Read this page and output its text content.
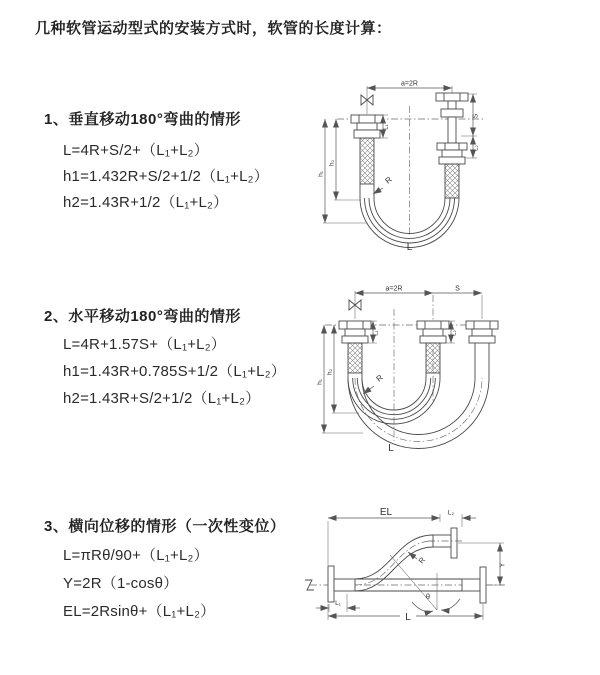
几种软管运动型式的安装方式时，软管的长度计算：
1、垂直移动180°弯曲的情形
L=4R+S/2+（L₁+L₂）
h1=1.432R+S/2+1/2（L₁+L₂）
h2=1.43R+1/2（L₁+L₂）
2、水平移动180°弯曲的情形
L=4R+1.57S+（L₁+L₂）
h1=1.43R+0.785S+1/2（L₁+L₂）
h2=1.43R+S/2+1/2（L₁+L₂）
3、横向位移的情形（一次性变位）
L=πRθ/90+（L₁+L₂）
Y=2R（1-cosθ）
EL=2Rsinθ+（L₁+L₂）
a=2R
R
h₁
h₂
L₁
S
L₂
L
a=2R	S
R
h₁
h₂
L₁	L₂
L
EL	L₂
Y
L
L₁
θ
R
